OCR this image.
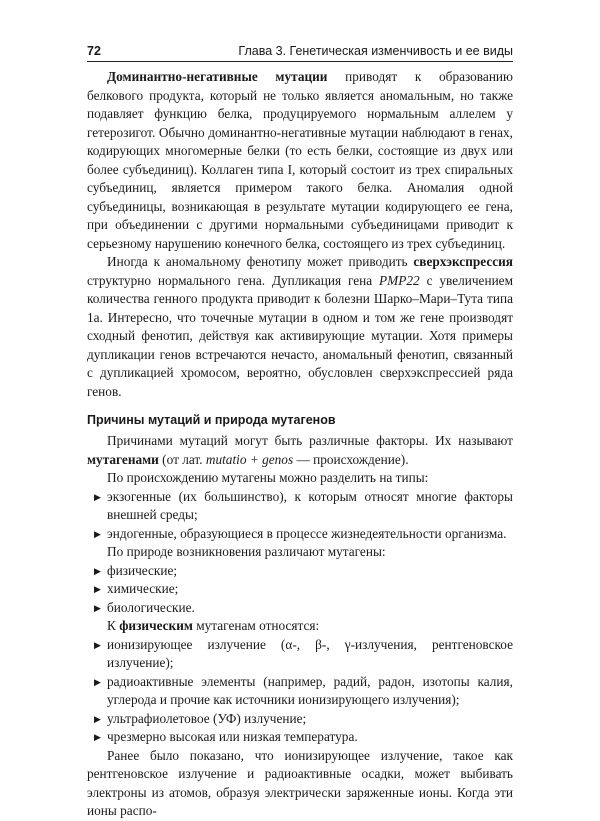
72	Глава 3. Генетическая изменчивость и ее виды

Доминантно-негативные мутации приводят к образованию белкового продукта, который не только является аномальным, но также подавляет функцию белка, продуцируемого нормальным аллелем у гетерозигот. Обычно доминантно-негативные мутации наблюдают в генах, кодирующих многомерные белки (то есть белки, состоящие из двух или более субъединиц). Коллаген типа I, который состоит из трех спиральных субъединиц, является примером такого белка. Аномалия одной субъединицы, возникающая в результате мутации кодирующего ее гена, при объединении с другими нормальными субъединицами приводит к серьезному нарушению конечного белка, состоящего из трех субъединиц.

Иногда к аномальному фенотипу может приводить сверхэкспрессия структурно нормального гена. Дупликация гена PMP22 с увеличением количества генного продукта приводит к болезни Шарко–Мари–Тута типа 1а. Интересно, что точечные мутации в одном и том же гене производят сходный фенотип, действуя как активирующие мутации. Хотя примеры дупликации генов встречаются нечасто, аномальный фенотип, связанный с дупликацией хромосом, вероятно, обусловлен сверхэкспрессией ряда генов.

Причины мутаций и природа мутагенов

Причинами мутаций могут быть различные факторы. Их называют мутагенами (от лат. mutatio + genos — происхождение).

По происхождению мутагены можно разделить на типы:

▶ экзогенные (их большинство), к которым относят многие факторы внешней среды;
▶ эндогенные, образующиеся в процессе жизнедеятельности организма.

По природе возникновения различают мутагены:

▶ физические;
▶ химические;
▶ биологические.

К физическим мутагенам относятся:

▶ ионизирующее излучение (α-, β-, γ-излучения, рентгеновское излучение);
▶ радиоактивные элементы (например, радий, радон, изотопы калия, углерода и прочие как источники ионизирующего излучения);
▶ ультрафиолетовое (УФ) излучение;
▶ чрезмерно высокая или низкая температура.

Ранее было показано, что ионизирующее излучение, такое как рентгеновское излучение и радиоактивные осадки, может выбивать электроны из атомов, образуя электрически заряженные ионы. Когда эти ионы распо-
